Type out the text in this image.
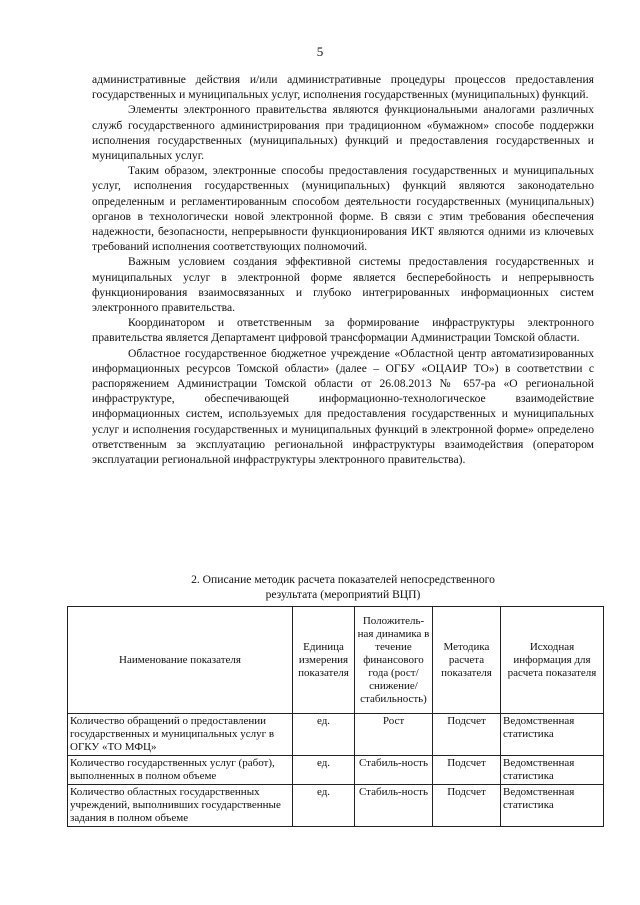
5

административные действия и/или административные процедуры процессов предоставления государственных и муниципальных услуг, исполнения государственных (муниципальных) функций.

Элементы электронного правительства являются функциональными аналогами различных служб государственного администрирования при традиционном «бумажном» способе поддержки исполнения государственных (муниципальных) функций и предоставления государственных и муниципальных услуг.

Таким образом, электронные способы предоставления государственных и муниципальных услуг, исполнения государственных (муниципальных) функций являются законодательно определенным и регламентированным способом деятельности государственных (муниципальных) органов в технологически новой электронной форме. В связи с этим требования обеспечения надежности, безопасности, непрерывности функционирования ИКТ являются одними из ключевых требований исполнения соответствующих полномочий.

Важным условием создания эффективной системы предоставления государственных и муниципальных услуг в электронной форме является бесперебойность и непрерывность функционирования взаимосвязанных и глубоко интегрированных информационных систем электронного правительства.

Координатором и ответственным за формирование инфраструктуры электронного правительства является Департамент цифровой трансформации Администрации Томской области.

Областное государственное бюджетное учреждение «Областной центр автоматизированных информационных ресурсов Томской области» (далее – ОГБУ «ОЦАИР ТО») в соответствии с распоряжением Администрации Томской области от 26.08.2013 № 657-ра «О региональной инфраструктуре, обеспечивающей информационно-технологическое взаимодействие информационных систем, используемых для предоставления государственных и муниципальных услуг и исполнения государственных и муниципальных функций в электронной форме» определено ответственным за эксплуатацию региональной инфраструктуры взаимодействия (оператором эксплуатации региональной инфраструктуры электронного правительства).

2. Описание методик расчета показателей непосредственного
результата (мероприятий ВЦП)
Наименование показателя	Единица измерения показателя	Положитель-ная динамика в течение финансового года (рост/ снижение/ стабильность)	Методика расчета показателя	Исходная информация для расчета показателя
Количество обращений о предоставлении государственных и муниципальных услуг в ОГКУ «ТО МФЦ»	ед.	Рост	Подсчет	Ведомственная статистика
Количество государственных услуг (работ), выполненных в полном объеме	ед.	Стабиль-ность	Подсчет	Ведомственная статистика
Количество областных государственных учреждений, выполнивших государственные задания в полном объеме	ед.	Стабиль-ность	Подсчет	Ведомственная статистика
